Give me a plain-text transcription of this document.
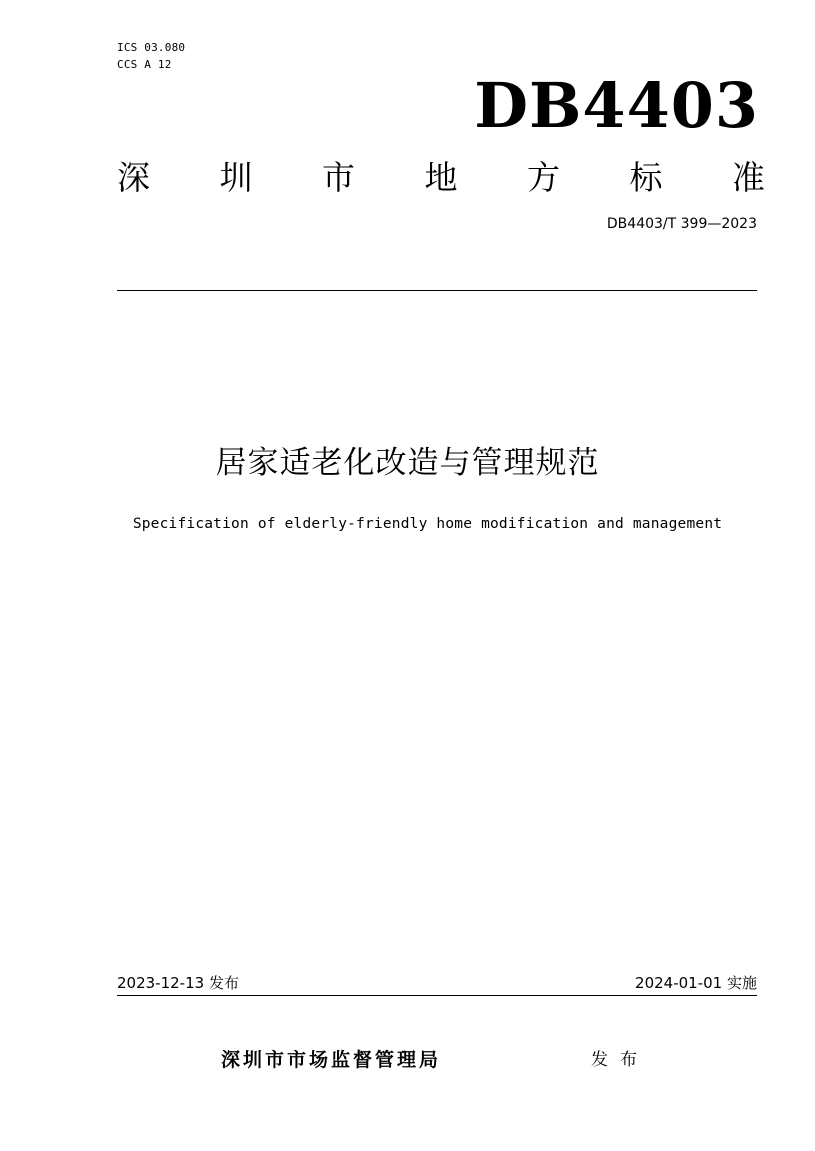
ICS 03.080
CCS A 12
DB4403
深 圳 市 地 方 标 准
DB4403/T 399—2023
居家适老化改造与管理规范
Specification of elderly-friendly home modification and management
2023-12-13 发布	2024-01-01 实施
深圳市市场监督管理局	发布
